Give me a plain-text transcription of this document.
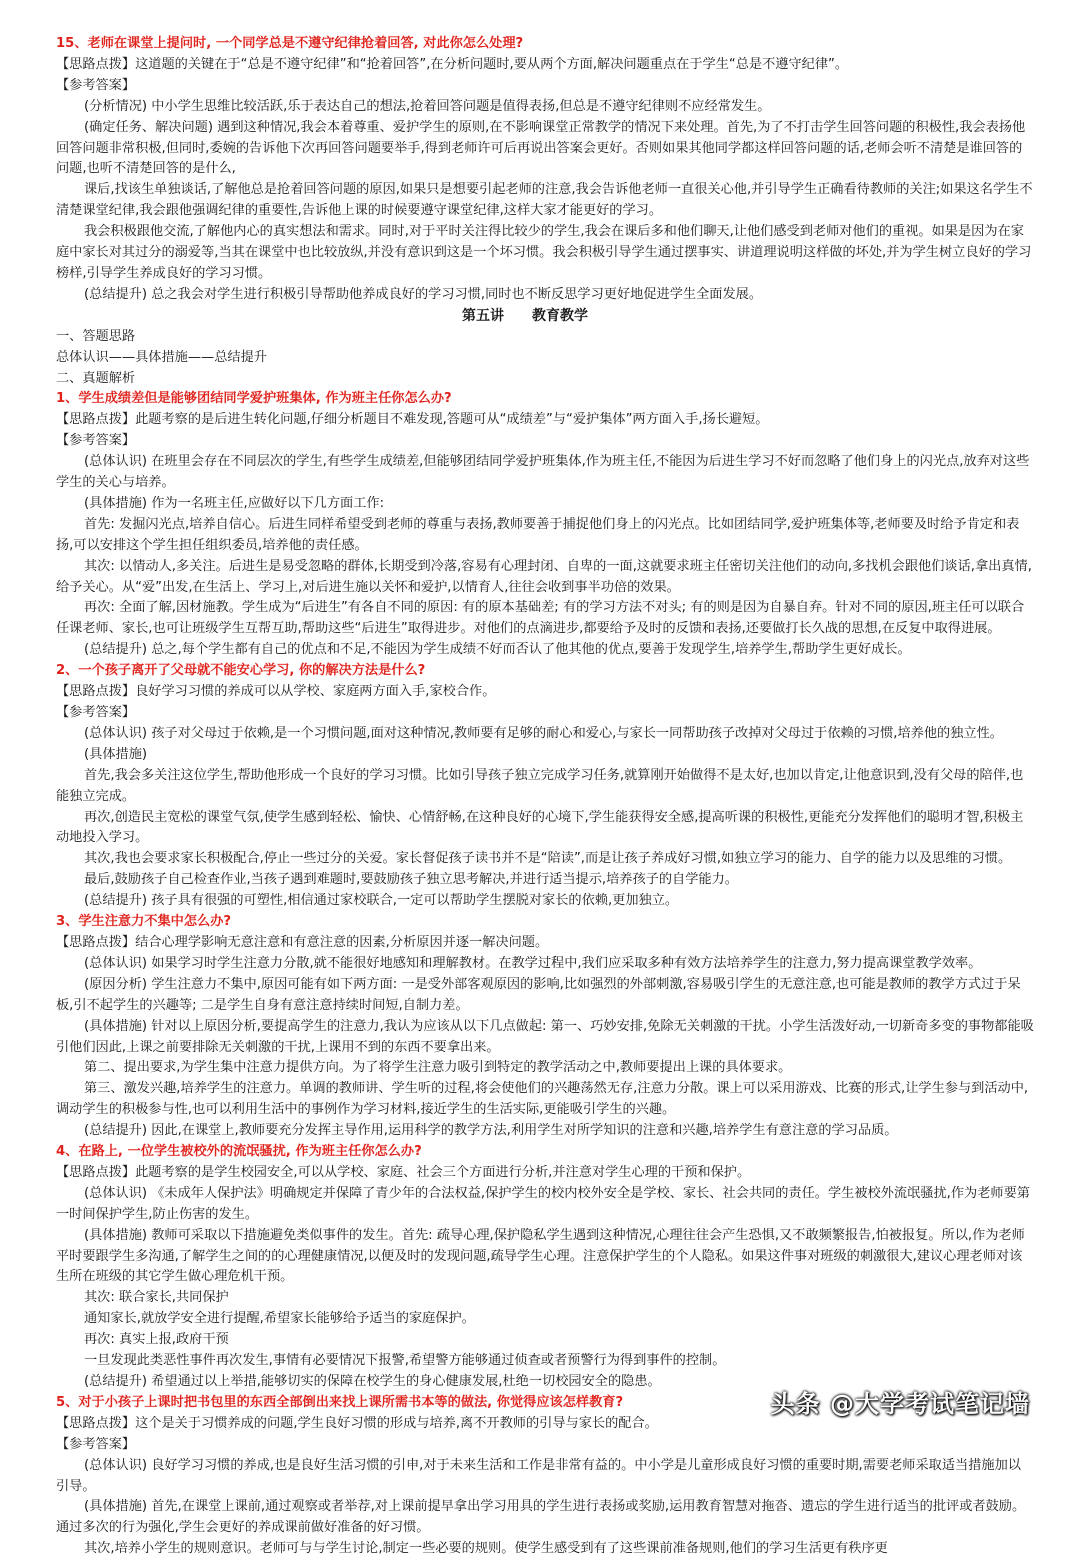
15、老师在课堂上提问时, 一个同学总是不遵守纪律抢着回答, 对此你怎么处理?

【思路点拨】这道题的关键在于“总是不遵守纪律”和“抢着回答”,在分析问题时,要从两个方面,解决问题重点在于学生“总是不遵守纪律”。

【参考答案】

(分析情况) 中小学生思维比较活跃,乐于表达自己的想法,抢着回答问题是值得表扬,但总是不遵守纪律则不应经常发生。

(确定任务、解决问题) 遇到这种情况,我会本着尊重、爱护学生的原则,在不影响课堂正常教学的情况下来处理。首先,为了不打击学生回答问题的积极性,我会表扬他回答问题非常积极,但同时,委婉的告诉他下次再回答问题要举手,得到老师许可后再说出答案会更好。否则如果其他同学都这样回答问题的话,老师会听不清楚是谁回答的问题,也听不清楚回答的是什么,

课后,找该生单独谈话,了解他总是抢着回答问题的原因,如果只是想要引起老师的注意,我会告诉他老师一直很关心他,并引导学生正确看待教师的关注;如果这名学生不清楚课堂纪律,我会跟他强调纪律的重要性,告诉他上课的时候要遵守课堂纪律,这样大家才能更好的学习。

我会积极跟他交流,了解他内心的真实想法和需求。同时,对于平时关注得比较少的学生,我会在课后多和他们聊天,让他们感受到老师对他们的重视。如果是因为在家庭中家长对其过分的溺爱等,当其在课堂中也比较放纵,并没有意识到这是一个坏习惯。我会积极引导学生通过摆事实、讲道理说明这样做的坏处,并为学生树立良好的学习榜样,引导学生养成良好的学习习惯。

(总结提升) 总之我会对学生进行积极引导帮助他养成良好的学习习惯,同时也不断反思学习更好地促进学生全面发展。

第五讲　　教育教学

一、答题思路

总体认识——具体措施——总结提升

二、真题解析

1、学生成绩差但是能够团结同学爱护班集体, 作为班主任你怎么办?

【思路点拨】此题考察的是后进生转化问题,仔细分析题目不难发现,答题可从“成绩差”与“爱护集体”两方面入手,扬长避短。

【参考答案】

(总体认识) 在班里会存在不同层次的学生,有些学生成绩差,但能够团结同学爱护班集体,作为班主任,不能因为后进生学习不好而忽略了他们身上的闪光点,放弃对这些学生的关心与培养。

(具体措施) 作为一名班主任,应做好以下几方面工作:

首先: 发掘闪光点,培养自信心。后进生同样希望受到老师的尊重与表扬,教师要善于捕捉他们身上的闪光点。比如团结同学,爱护班集体等,老师要及时给予肯定和表扬,可以安排这个学生担任组织委员,培养他的责任感。

其次: 以情动人,多关注。后进生是易受忽略的群体,长期受到冷落,容易有心理封闭、自卑的一面,这就要求班主任密切关注他们的动向,多找机会跟他们谈话,拿出真情,给予关心。从“爱”出发,在生活上、学习上,对后进生施以关怀和爱护,以情育人,往往会收到事半功倍的效果。

再次: 全面了解,因材施教。学生成为“后进生”有各自不同的原因: 有的原本基础差; 有的学习方法不对头; 有的则是因为自暴自弃。针对不同的原因,班主任可以联合任课老师、家长,也可让班级学生互帮互助,帮助这些“后进生”取得进步。对他们的点滴进步,都要给予及时的反馈和表扬,还要做打长久战的思想,在反复中取得进展。

(总结提升) 总之,每个学生都有自己的优点和不足,不能因为学生成绩不好而否认了他其他的优点,要善于发现学生,培养学生,帮助学生更好成长。

2、一个孩子离开了父母就不能安心学习, 你的解决方法是什么?

【思路点拨】良好学习习惯的养成可以从学校、家庭两方面入手,家校合作。

【参考答案】

(总体认识) 孩子对父母过于依赖,是一个习惯问题,面对这种情况,教师要有足够的耐心和爱心,与家长一同帮助孩子改掉对父母过于依赖的习惯,培养他的独立性。

(具体措施)

首先,我会多关注这位学生,帮助他形成一个良好的学习习惯。比如引导孩子独立完成学习任务,就算刚开始做得不是太好,也加以肯定,让他意识到,没有父母的陪伴,也能独立完成。

再次,创造民主宽松的课堂气氛,使学生感到轻松、愉快、心情舒畅,在这种良好的心境下,学生能获得安全感,提高听课的积极性,更能充分发挥他们的聪明才智,积极主动地投入学习。

其次,我也会要求家长积极配合,停止一些过分的关爱。家长督促孩子读书并不是“陪读”,而是让孩子养成好习惯,如独立学习的能力、自学的能力以及思维的习惯。

最后,鼓励孩子自己检查作业,当孩子遇到难题时,要鼓励孩子独立思考解决,并进行适当提示,培养孩子的自学能力。

(总结提升) 孩子具有很强的可塑性,相信通过家校联合,一定可以帮助学生摆脱对家长的依赖,更加独立。

3、学生注意力不集中怎么办?

【思路点拨】结合心理学影响无意注意和有意注意的因素,分析原因并逐一解决问题。

(总体认识) 如果学习时学生注意力分散,就不能很好地感知和理解教材。在教学过程中,我们应采取多种有效方法培养学生的注意力,努力提高课堂教学效率。

(原因分析) 学生注意力不集中,原因可能有如下两方面: 一是受外部客观原因的影响,比如强烈的外部刺激,容易吸引学生的无意注意,也可能是教师的教学方式过于呆板,引不起学生的兴趣等; 二是学生自身有意注意持续时间短,自制力差。

(具体措施) 针对以上原因分析,要提高学生的注意力,我认为应该从以下几点做起: 第一、巧妙安排,免除无关刺激的干扰。小学生活泼好动,一切新奇多变的事物都能吸引他们因此,上课之前要排除无关刺激的干扰,上课用不到的东西不要拿出来。

第二、提出要求,为学生集中注意力提供方向。为了将学生注意力吸引到特定的教学活动之中,教师要提出上课的具体要求。

第三、激发兴趣,培养学生的注意力。单调的教师讲、学生听的过程,将会使他们的兴趣荡然无存,注意力分散。课上可以采用游戏、比赛的形式,让学生参与到活动中,调动学生的积极参与性,也可以利用生活中的事例作为学习材料,接近学生的生活实际,更能吸引学生的兴趣。

(总结提升) 因此,在课堂上,教师要充分发挥主导作用,运用科学的教学方法,利用学生对所学知识的注意和兴趣,培养学生有意注意的学习品质。

4、在路上, 一位学生被校外的流氓骚扰, 作为班主任你怎么办?

【思路点拨】此题考察的是学生校园安全,可以从学校、家庭、社会三个方面进行分析,并注意对学生心理的干预和保护。

(总体认识) 《未成年人保护法》明确规定并保障了青少年的合法权益,保护学生的校内校外安全是学校、家长、社会共同的责任。学生被校外流氓骚扰,作为老师要第一时间保护学生,防止伤害的发生。

(具体措施) 教师可采取以下措施避免类似事件的发生。首先: 疏导心理,保护隐私学生遇到这种情况,心理往往会产生恐惧,又不敢频繁报告,怕被报复。所以,作为老师平时要跟学生多沟通,了解学生之间的的心理健康情况,以便及时的发现问题,疏导学生心理。注意保护学生的个人隐私。如果这件事对班级的刺激很大,建议心理老师对该生所在班级的其它学生做心理危机干预。

其次: 联合家长,共同保护

通知家长,就放学安全进行提醒,希望家长能够给予适当的家庭保护。

再次: 真实上报,政府干预

一旦发现此类恶性事件再次发生,事情有必要情况下报警,希望警方能够通过侦查或者预警行为得到事件的控制。

(总结提升) 希望通过以上举措,能够切实的保障在校学生的身心健康发展,杜绝一切校园安全的隐患。

5、对于小孩子上课时把书包里的东西全部倒出来找上课所需书本等的做法, 你觉得应该怎样教育?

【思路点拨】这个是关于习惯养成的问题,学生良好习惯的形成与培养,离不开教师的引导与家长的配合。

【参考答案】

(总体认识) 良好学习习惯的养成,也是良好生活习惯的引申,对于未来生活和工作是非常有益的。中小学是儿童形成良好习惯的重要时期,需要老师采取适当措施加以引导。

(具体措施) 首先,在课堂上课前,通过观察或者举荐,对上课前提早拿出学习用具的学生进行表扬或奖励,运用教育智慧对拖沓、遗忘的学生进行适当的批评或者鼓励。通过多次的行为强化,学生会更好的养成课前做好准备的好习惯。

其次,培养小学生的规则意识。老师可与与学生讨论,制定一些必要的规则。使学生感受到有了这些课前准备规则,他们的学习生活更有秩序更

头条 @大学考试笔记墙
